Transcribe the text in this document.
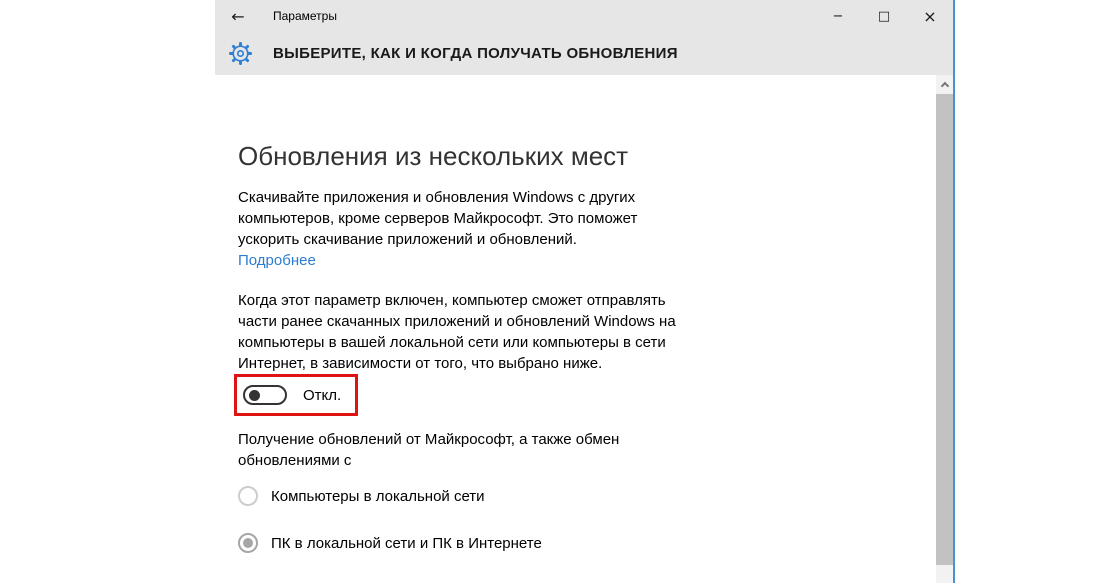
←	Параметры	−	□	×
ВЫБЕРИТЕ, КАК И КОГДА ПОЛУЧАТЬ ОБНОВЛЕНИЯ
Обновления из нескольких мест

Скачивайте приложения и обновления Windows с других компьютеров, кроме серверов Майкрософт. Это поможет ускорить скачивание приложений и обновлений.

Подробнее

Когда этот параметр включен, компьютер сможет отправлять части ранее скачанных приложений и обновлений Windows на компьютеры в вашей локальной сети или компьютеры в сети Интернет, в зависимости от того, что выбрано ниже.

Откл.

Получение обновлений от Майкрософт, а также обмен обновлениями с

Компьютеры в локальной сети
ПК в локальной сети и ПК в Интернете
